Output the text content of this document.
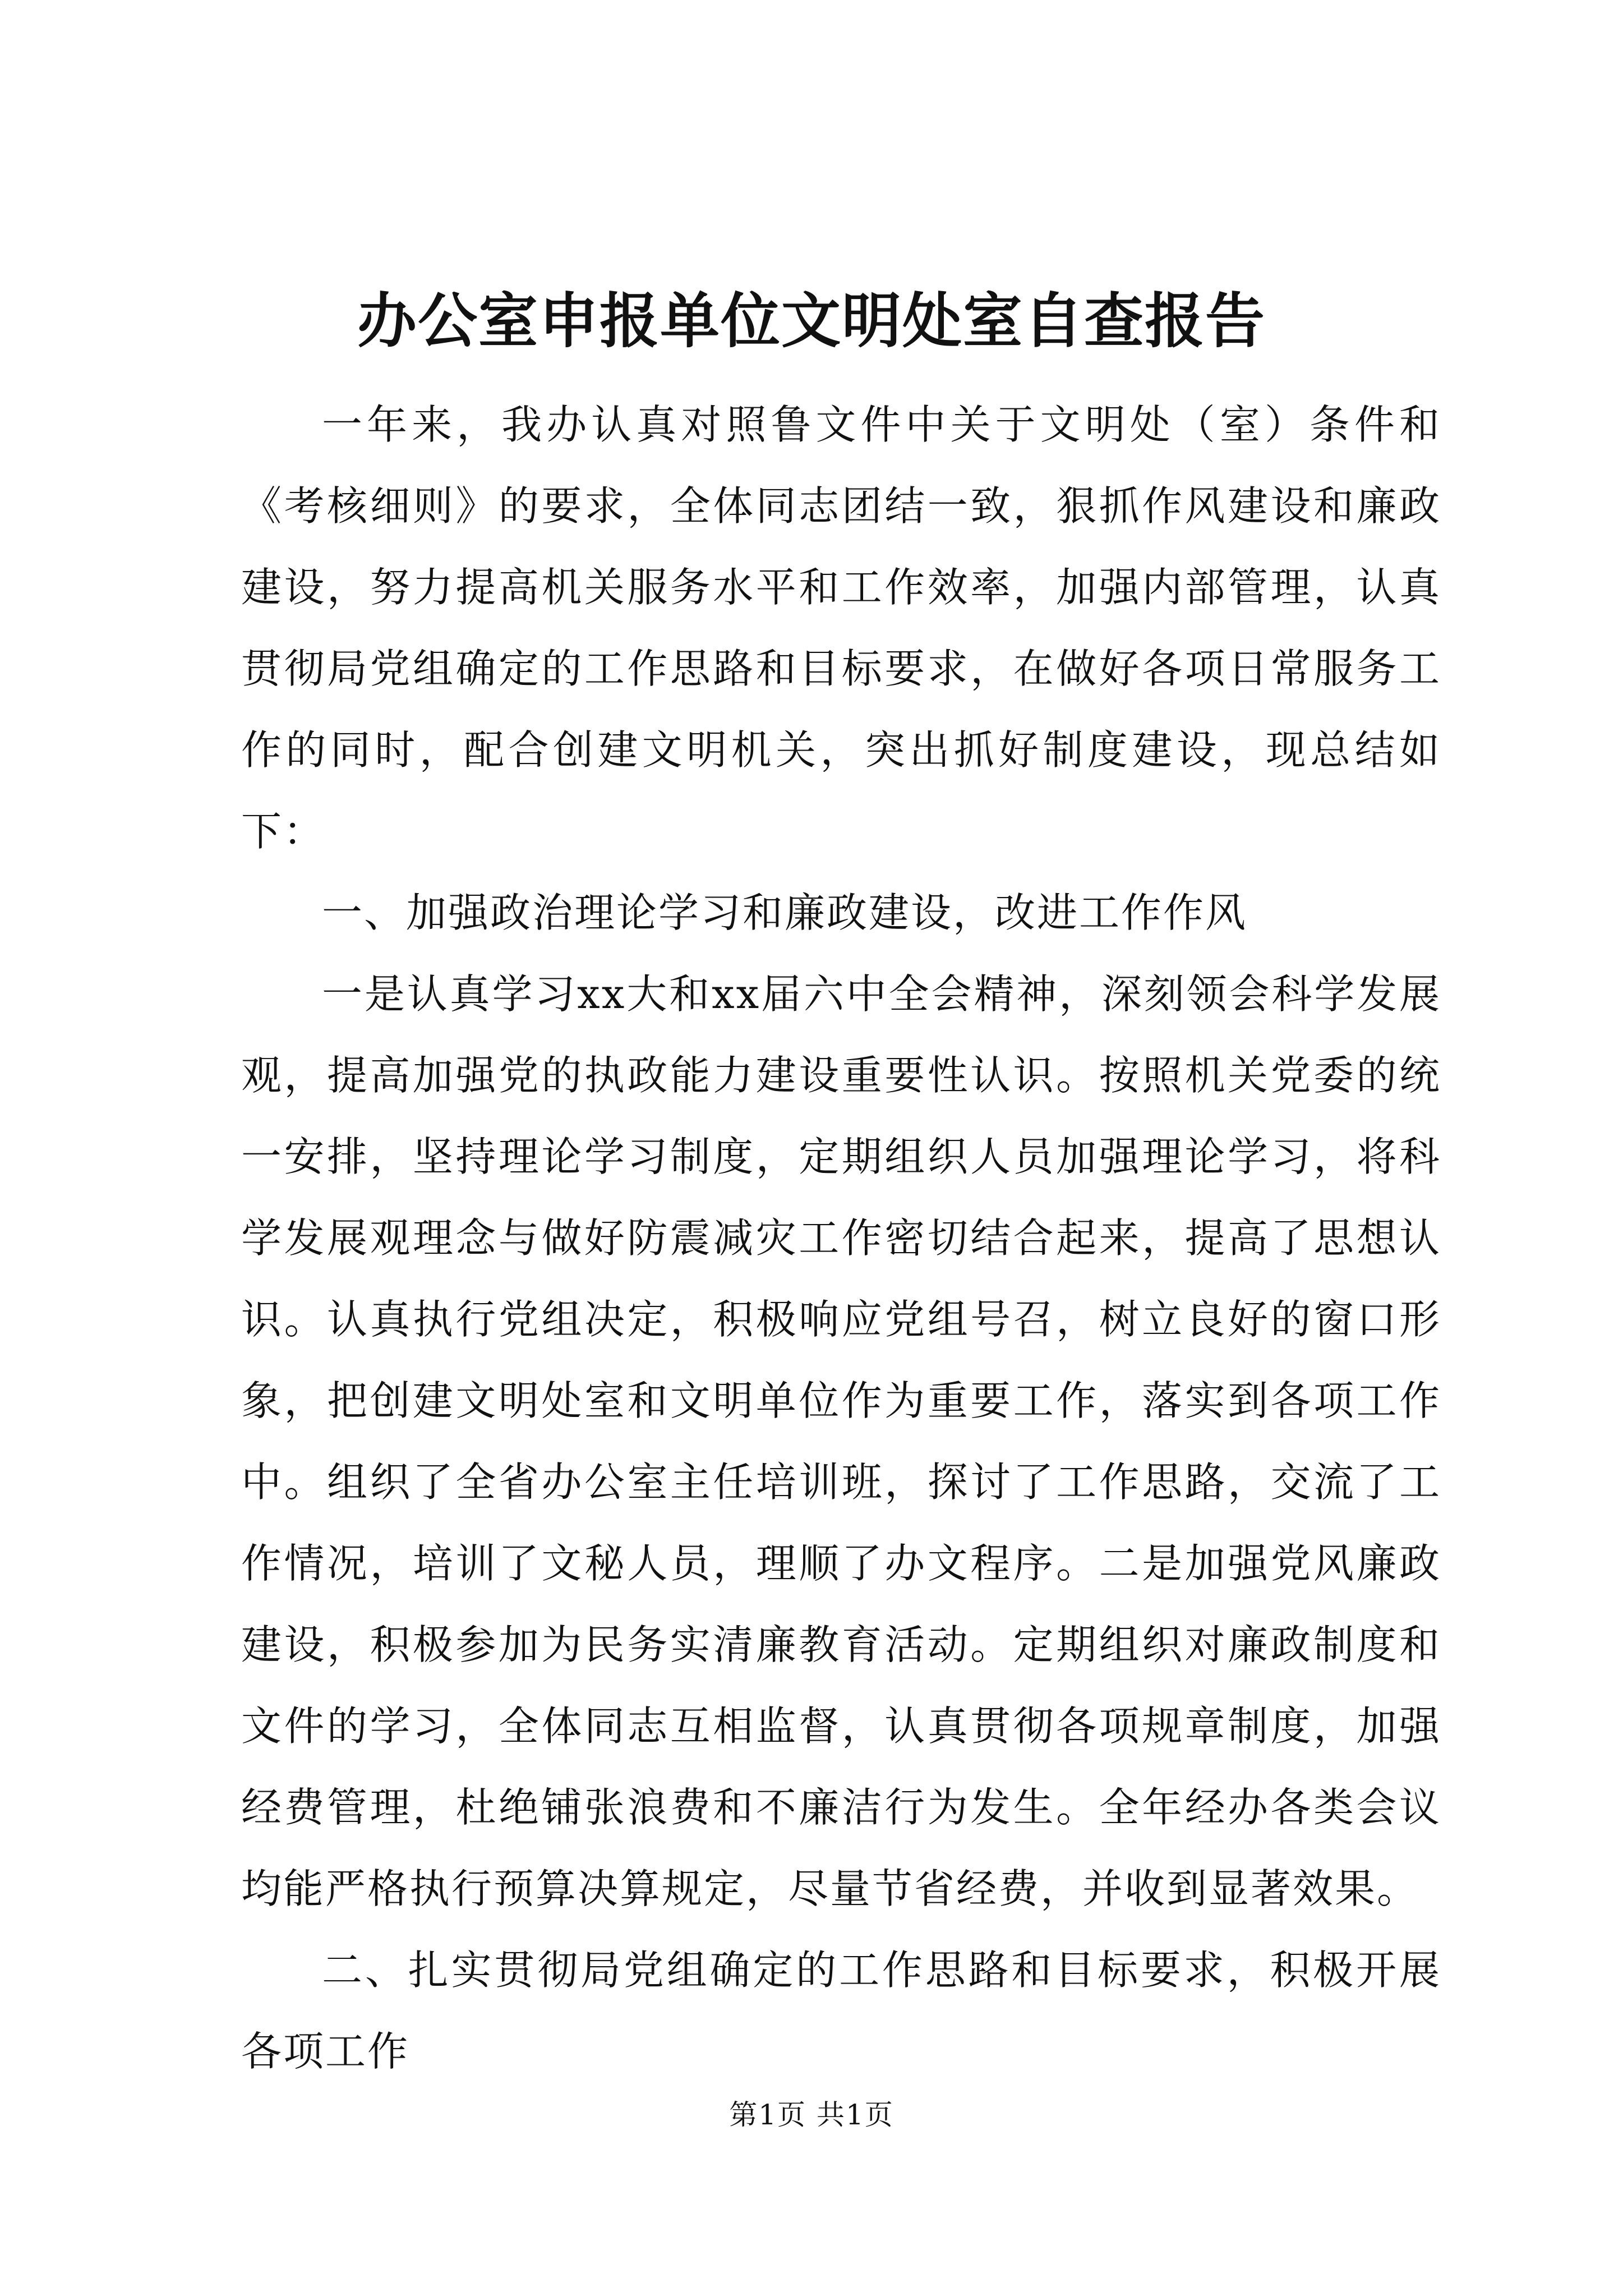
办公室申报单位文明处室自查报告

一年来，我办认真对照鲁文件中关于文明处（室）条件和《考核细则》的要求，全体同志团结一致，狠抓作风建设和廉政建设，努力提高机关服务水平和工作效率，加强内部管理，认真贯彻局党组确定的工作思路和目标要求，在做好各项日常服务工作的同时，配合创建文明机关，突出抓好制度建设，现总结如下：

一、加强政治理论学习和廉政建设，改进工作作风

一是认真学习xx大和xx届六中全会精神，深刻领会科学发展观，提高加强党的执政能力建设重要性认识。按照机关党委的统一安排，坚持理论学习制度，定期组织人员加强理论学习，将科学发展观理念与做好防震减灾工作密切结合起来，提高了思想认识。认真执行党组决定，积极响应党组号召，树立良好的窗口形象，把创建文明处室和文明单位作为重要工作，落实到各项工作中。组织了全省办公室主任培训班，探讨了工作思路，交流了工作情况，培训了文秘人员，理顺了办文程序。二是加强党风廉政建设，积极参加为民务实清廉教育活动。定期组织对廉政制度和文件的学习，全体同志互相监督，认真贯彻各项规章制度，加强经费管理，杜绝铺张浪费和不廉洁行为发生。全年经办各类会议均能严格执行预算决算规定，尽量节省经费，并收到显著效果。

二、扎实贯彻局党组确定的工作思路和目标要求，积极开展各项工作

第1页 共1页
